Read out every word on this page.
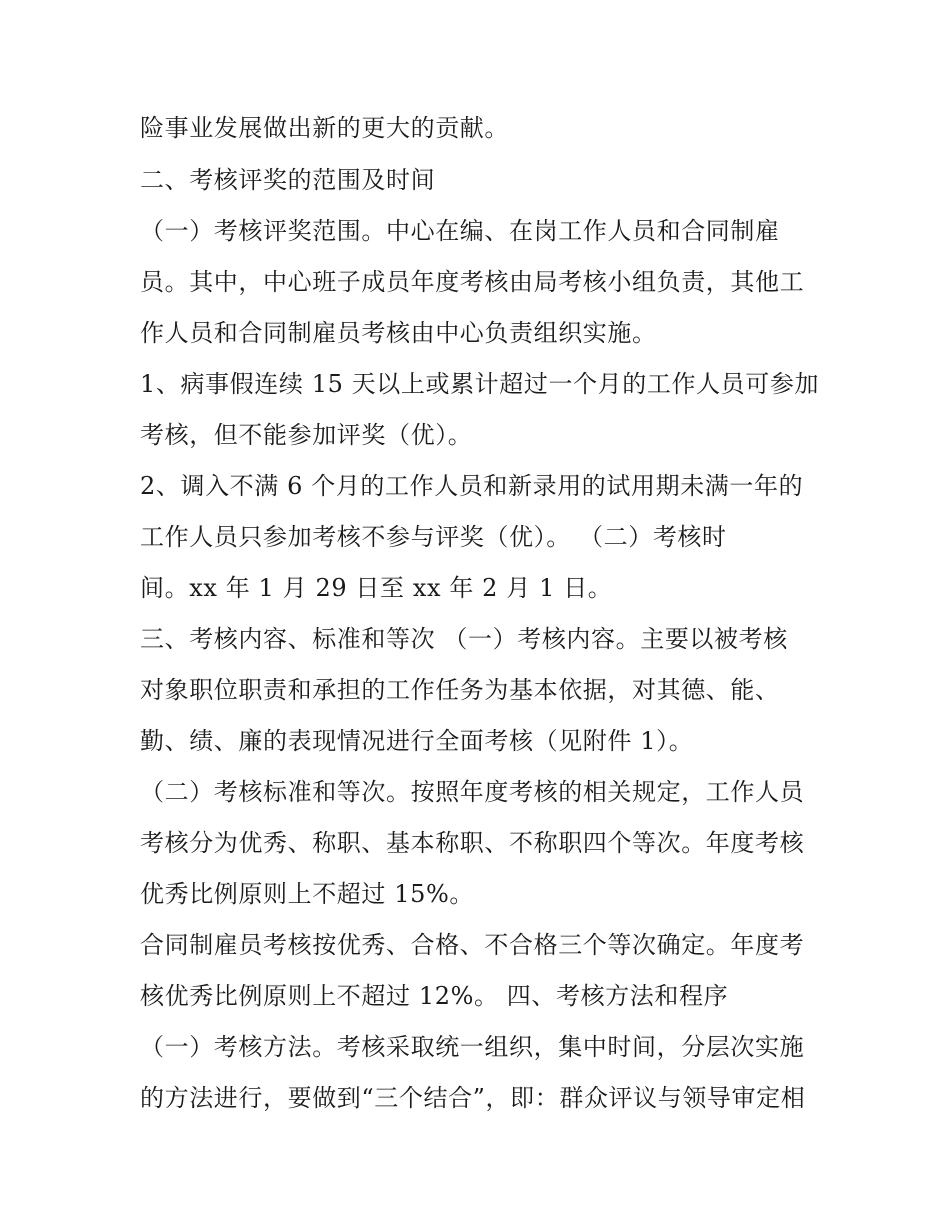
险事业发展做出新的更大的贡献。
二、考核评奖的范围及时间
（一）考核评奖范围。中心在编、在岗工作人员和合同制雇
员。其中，中心班子成员年度考核由局考核小组负责，其他工
作人员和合同制雇员考核由中心负责组织实施。
1、病事假连续 15 天以上或累计超过一个月的工作人员可参加
考核，但不能参加评奖（优）。
2、调入不满 6 个月的工作人员和新录用的试用期未满一年的
工作人员只参加考核不参与评奖（优）。 （二）考核时
间。xx 年 1 月 29 日至 xx 年 2 月 1 日。
三、考核内容、标准和等次 （一）考核内容。主要以被考核
对象职位职责和承担的工作任务为基本依据，对其德、能、
勤、绩、廉的表现情况进行全面考核（见附件 1）。
（二）考核标准和等次。按照年度考核的相关规定，工作人员
考核分为优秀、称职、基本称职、不称职四个等次。年度考核
优秀比例原则上不超过 15%。
合同制雇员考核按优秀、合格、不合格三个等次确定。年度考
核优秀比例原则上不超过 12%。 四、考核方法和程序
（一）考核方法。考核采取统一组织，集中时间，分层次实施
的方法进行，要做到“三个结合”，即：群众评议与领导审定相
